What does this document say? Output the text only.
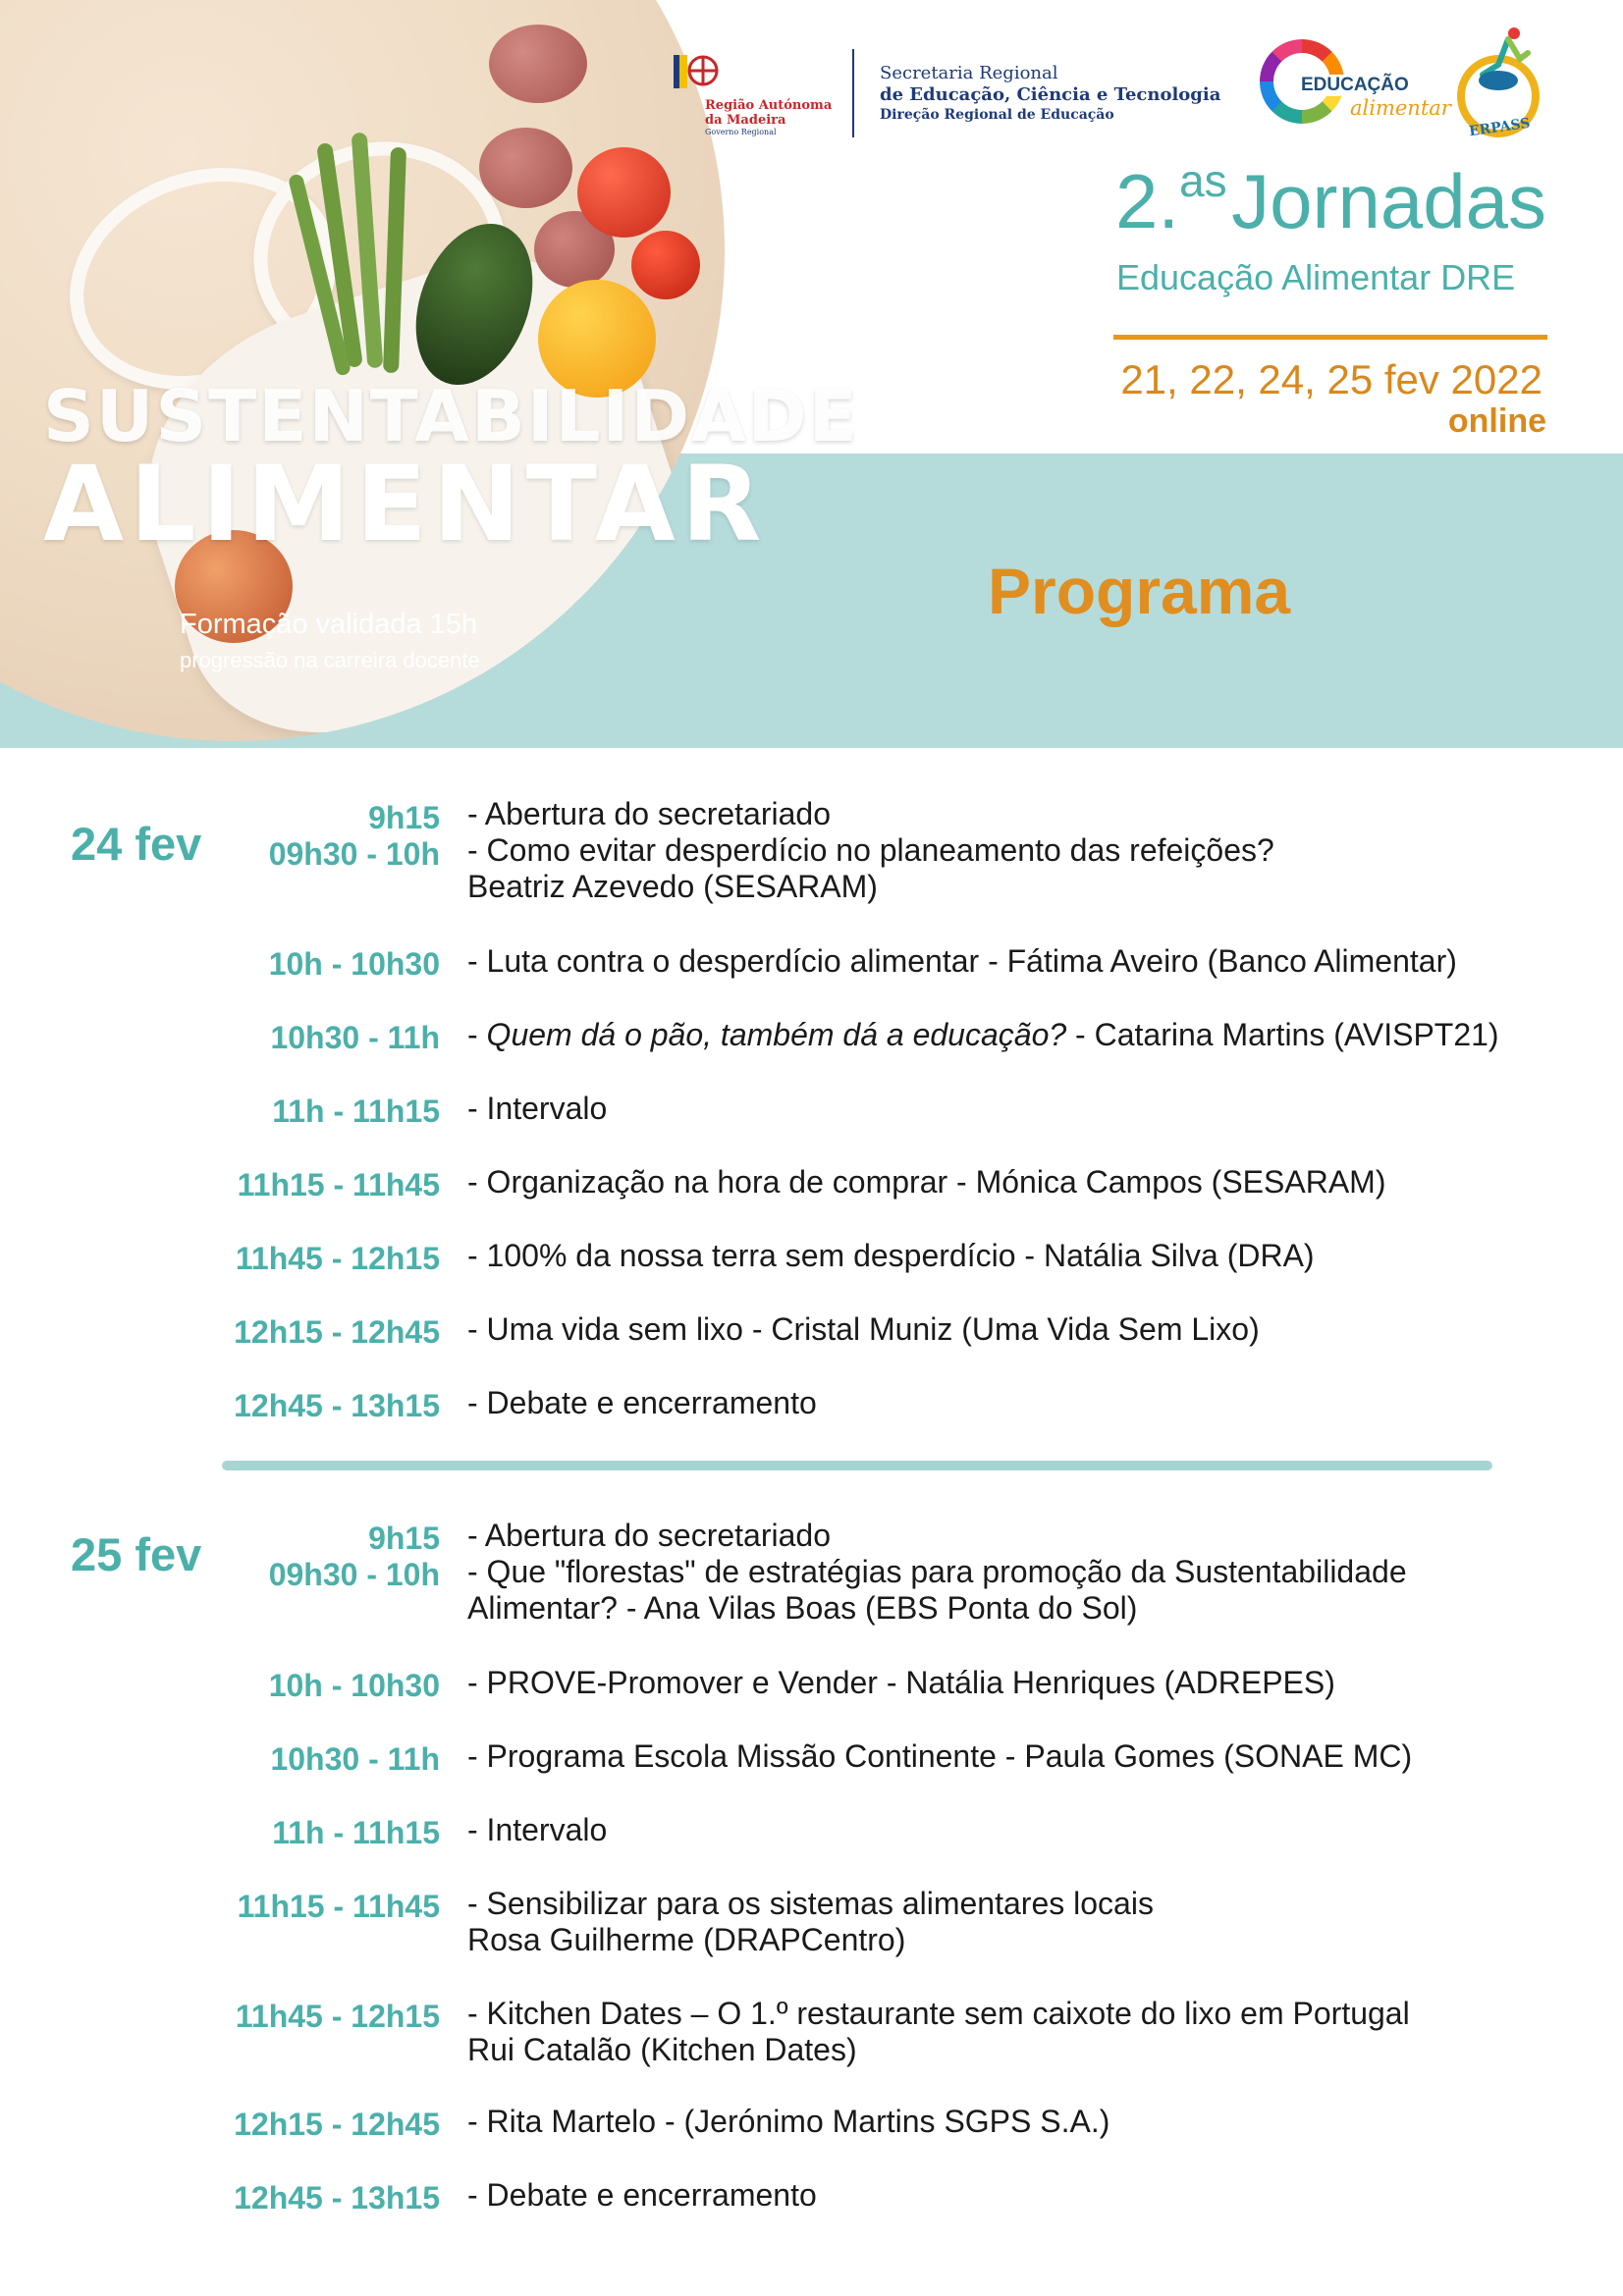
SUSTENTABILIDADE
ALIMENTAR
Formação validada 15h
progressão na carreira docente
Região Autónoma
da Madeira
Governo Regional
Secretaria Regional
de Educação, Ciência e Tecnologia
Direção Regional de Educação
EDUCAÇÃO
alimentar
ERPASS
2.as Jornadas
Educação Alimentar DRE
21, 22, 24, 25 fev 2022
online
Programa
24 fev	9h15
09h30 - 10h
- Abertura do secretariado
- Como evitar desperdício no planeamento das refeições?
Beatriz Azevedo (SESARAM)
10h - 10h30 - Luta contra o desperdício alimentar - Fátima Aveiro (Banco Alimentar)
10h30 - 11h - Quem dá o pão, também dá a educação? - Catarina Martins (AVISPT21)
11h - 11h15 - Intervalo
11h15 - 11h45 - Organização na hora de comprar - Mónica Campos (SESARAM)
11h45 - 12h15 - 100% da nossa terra sem desperdício - Natália Silva (DRA)
12h15 - 12h45 - Uma vida sem lixo - Cristal Muniz (Uma Vida Sem Lixo)
12h45 - 13h15 - Debate e encerramento
25 fev	9h15
09h30 - 10h
- Abertura do secretariado
- Que "florestas" de estratégias para promoção da Sustentabilidade
Alimentar? - Ana Vilas Boas (EBS Ponta do Sol)
10h - 10h30 - PROVE-Promover e Vender - Natália Henriques (ADREPES)
10h30 - 11h - Programa Escola Missão Continente - Paula Gomes (SONAE MC)
11h - 11h15 - Intervalo
11h15 - 11h45 - Sensibilizar para os sistemas alimentares locais
Rosa Guilherme (DRAPCentro)
11h45 - 12h15 - Kitchen Dates – O 1.º restaurante sem caixote do lixo em Portugal
Rui Catalão (Kitchen Dates)
12h15 - 12h45 - Rita Martelo - (Jerónimo Martins SGPS S.A.)
12h45 - 13h15 - Debate e encerramento
